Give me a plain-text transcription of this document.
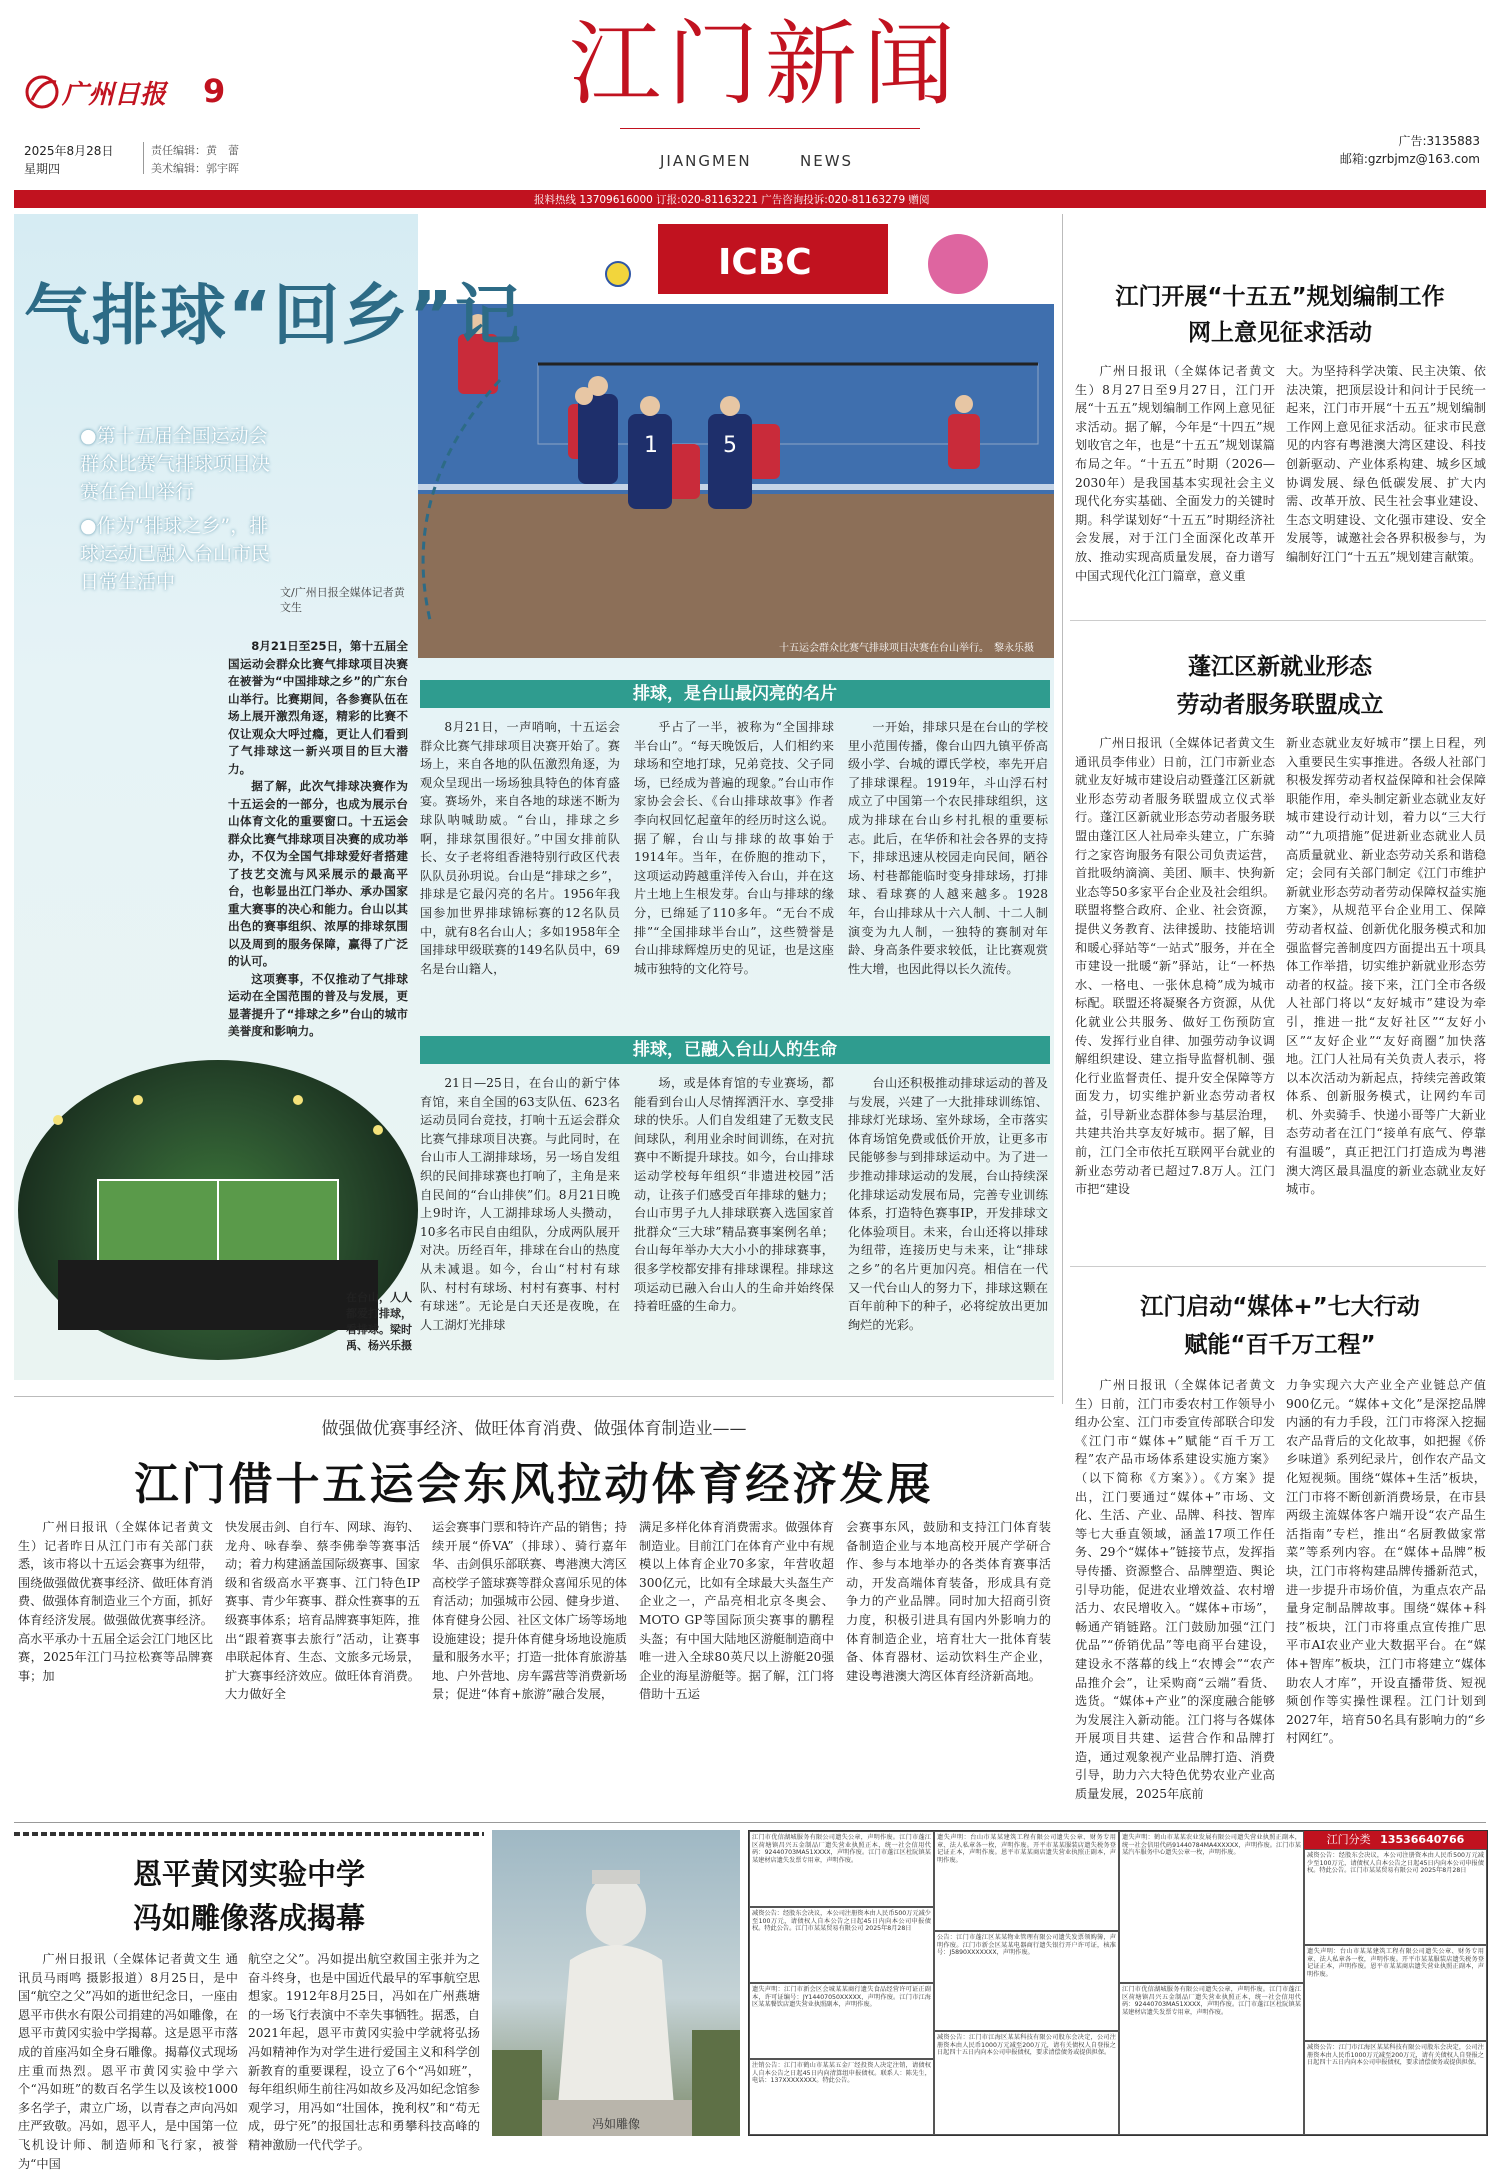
广州日报 9
2025年8月28日
星期四
责任编辑：黄　蕾
美术编辑：郭宇晖
江门新闻
JIANGMEN	NEWS
广告:3135883
邮箱:gzrbjmz@163.com
报料热线 13709616000 订报:020-81163221 广告咨询投诉:020-81163279 赠阅
ICBC
1	5
十五运会群众比赛气排球项目决赛在台山举行。　黎永乐摄
气排球“回乡”记
●第十五届全国运动会群众比赛气排球项目决赛在台山举行
●作为“排球之乡”，排球运动已融入台山市民日常生活中	文/广州日报全媒体记者黄文生

8月21日至25日，第十五届全国运动会群众比赛气排球项目决赛在被誉为“中国排球之乡”的广东台山举行。比赛期间，各参赛队伍在场上展开激烈角逐，精彩的比赛不仅让观众大呼过瘾，更让人们看到了气排球这一新兴项目的巨大潜力。

据了解，此次气排球决赛作为十五运会的一部分，也成为展示台山体育文化的重要窗口。十五运会群众比赛气排球项目决赛的成功举办，不仅为全国气排球爱好者搭建了技艺交流与风采展示的最高平台，也彰显出江门举办、承办国家重大赛事的决心和能力。台山以其出色的赛事组织、浓厚的排球氛围以及周到的服务保障，赢得了广泛的认可。

这项赛事，不仅推动了气排球运动在全国范围的普及与发展，更显著提升了“排球之乡”台山的城市美誉度和影响力。

在台山，人人都爱打排球，看排球。梁时禹、杨兴乐摄
排球，是台山最闪亮的名片

8月21日，一声哨响，十五运会群众比赛气排球项目决赛开始了。赛场上，来自各地的队伍激烈角逐，为观众呈现出一场场独具特色的体育盛宴。赛场外，来自各地的球迷不断为球队呐喊助威。“台山，排球之乡啊，排球氛围很好。”中国女排前队长、女子老将组香港特别行政区代表队队员孙玥说。台山是“排球之乡”，排球是它最闪亮的名片。1956年我国参加世界排球锦标赛的12名队员中，就有8名台山人；多如1958年全国排球甲级联赛的149名队员中，69名是台山籍人，

乎占了一半，被称为“全国排球半台山”。“每天晚饭后，人们相约来球场和空地打球，兄弟竞技、父子同场，已经成为普遍的现象。”台山市作家协会会长、《台山排球故事》作者李向权回忆起童年的经历时这么说。据了解，台山与排球的故事始于1914年。当年，在侨胞的推动下，这项运动跨越重洋传入台山，并在这片土地上生根发芽。台山与排球的缘分，已绵延了110多年。“无台不成排”“全国排球半台山”，这些赞誉是台山排球辉煌历史的见证，也是这座城市独特的文化符号。

一开始，排球只是在台山的学校里小范围传播，像台山四九镇平侨高级小学、台城的谭氏学校，率先开启了排球课程。1919年，斗山浮石村成立了中国第一个农民排球组织，这成为排球在台山乡村扎根的重要标志。此后，在华侨和社会各界的支持下，排球迅速从校园走向民间，陋谷场、村巷都能临时变身排球场，打排球、看球赛的人越来越多。1928年，台山排球从十六人制、十二人制演变为九人制，一独特的赛制对年龄、身高条件要求较低，让比赛观赏性大增，也因此得以长久流传。

排球，已融入台山人的生命

21日—25日，在台山的新宁体育馆，来自全国的63支队伍、623名运动员同台竞技，打响十五运会群众比赛气排球项目决赛。与此同时，在台山市人工湖排球场，另一场自发组织的民间排球赛也打响了，主角是来自民间的“台山排侠”们。8月21日晚上9时许，人工湖排球场人头攒动，10多名市民自由组队，分成两队展开对决。历经百年，排球在台山的热度从未减退。如今，台山“村村有球队、村村有球场、村村有赛事、村村有球迷”。无论是白天还是夜晚，在人工湖灯光排球

场，或是体育馆的专业赛场，都能看到台山人尽情挥洒汗水、享受排球的快乐。人们自发组建了无数支民间球队，利用业余时间训练，在对抗赛中不断提升球技。如今，台山排球运动学校每年组织“非遗进校园”活动，让孩子们感受百年排球的魅力；台山市男子九人排球联赛入选国家首批群众“三大球”精品赛事案例名单；台山每年举办大大小小的排球赛事，很多学校都安排有排球课程。排球这项运动已融入台山人的生命并始终保持着旺盛的生命力。

台山还积极推动排球运动的普及与发展，兴建了一大批排球训练馆、排球灯光球场、室外球场，全市落实体育场馆免费或低价开放，让更多市民能够参与到排球运动中。为了进一步推动排球运动的发展，台山持续深化排球运动发展布局，完善专业训练体系，打造特色赛事IP，开发排球文化体验项目。未来，台山还将以排球为纽带，连接历史与未来，让“排球之乡”的名片更加闪亮。相信在一代又一代台山人的努力下，排球这颗在百年前种下的种子，必将绽放出更加绚烂的光彩。

江门开展“十五五”规划编制工作
网上意见征求活动

广州日报讯（全媒体记者黄文生）8月27日至9月27日，江门开展“十五五”规划编制工作网上意见征求活动。据了解，今年是“十四五”规划收官之年，也是“十五五”规划谋篇布局之年。“十五五”时期（2026—2030年）是我国基本实现社会主义现代化夯实基础、全面发力的关键时期。科学谋划好“十五五”时期经济社会发展，对于江门全面深化改革开放、推动实现高质量发展，奋力谱写中国式现代化江门篇章，意义重

大。为坚持科学决策、民主决策、依法决策，把顶层设计和问计于民统一起来，江门市开展“十五五”规划编制工作网上意见征求活动。征求市民意见的内容有粤港澳大湾区建设、科技创新驱动、产业体系构建、城乡区域协调发展、绿色低碳发展、扩大内需、改革开放、民生社会事业建设、生态文明建设、文化强市建设、安全发展等，诚邀社会各界积极参与，为编制好江门“十五五”规划建言献策。

蓬江区新就业形态
劳动者服务联盟成立

广州日报讯（全媒体记者黄文生 通讯员李伟业）日前，江门市新业态就业友好城市建设启动暨蓬江区新就业形态劳动者服务联盟成立仪式举行。蓬江区新就业形态劳动者服务联盟由蓬江区人社局牵头建立，广东骑行之家咨询服务有限公司负责运营，首批吸纳滴滴、美团、顺丰、快狗新业态等50多家平台企业及社会组织。联盟将整合政府、企业、社会资源，提供义务教育、法律援助、技能培训和暖心驿站等“一站式”服务，并在全市建设一批暖“新”驿站，让“一杯热水、一格电、一张休息椅”成为城市标配。联盟还将凝聚各方资源，从优化就业公共服务、做好工伤预防宣传、发挥行业自律、加强劳动争议调解组织建设、建立指导监督机制、强化行业监督责任、提升安全保障等方面发力，切实维护新业态劳动者权益，引导新业态群体参与基层治理，共建共治共享友好城市。据了解，目前，江门全市依托互联网平台就业的新业态劳动者已超过7.8万人。江门市把“建设

新业态就业友好城市”摆上日程，列入重要民生实事推进。各级人社部门积极发挥劳动者权益保障和社会保障职能作用，牵头制定新业态就业友好城市建设行动计划，着力以“三大行动”“九项措施”促进新业态就业人员高质量就业、新业态劳动关系和谐稳定；会同有关部门制定《江门市维护新就业形态劳动者劳动保障权益实施方案》，从规范平台企业用工、保障劳动者权益、创新优化服务模式和加强监督完善制度四方面提出五十项具体工作举措，切实维护新就业形态劳动者的权益。接下来，江门全市各级人社部门将以“友好城市”建设为牵引，推进一批“友好社区”“友好小区”“友好企业”“友好商圈”加快落地。江门人社局有关负责人表示，将以本次活动为新起点，持续完善政策体系、创新服务模式，让网约车司机、外卖骑手、快递小哥等广大新业态劳动者在江门“接单有底气、停靠有温暖”，真正把江门打造成为粤港澳大湾区最具温度的新业态就业友好城市。

江门启动“媒体+”七大行动
赋能“百千万工程”

广州日报讯（全媒体记者黄文生）日前，江门市委农村工作领导小组办公室、江门市委宣传部联合印发《江门市“媒体+”赋能“百千万工程”农产品市场体系建设实施方案》（以下简称《方案》）。《方案》提出，江门要通过“媒体+”市场、文化、生活、产业、品牌、科技、智库等七大垂直领域，涵盖17项工作任务、29个“媒体+”链接节点，发挥指导传播、资源整合、品牌塑造、舆论引导功能，促进农业增效益、农村增活力、农民增收入。“媒体+市场”，畅通产销链路。江门鼓励加强“江门优品”“侨销优品”等电商平台建设，建设永不落幕的线上“农博会”“农产品推介会”，让采购商“云端”看货、选货。“媒体+产业”的深度融合能够为发展注入新动能。江门将与各媒体开展项目共建、运营合作和品牌打造，通过观象视产业品牌打造、消费引导，助力六大特色优势农业产业高质量发展，2025年底前

力争实现六大产业全产业链总产值900亿元。“媒体+文化”是深挖品牌内涵的有力手段，江门市将深入挖掘农产品背后的文化故事，如把握《侨乡味道》系列纪录片，创作农产品文化短视频。围绕“媒体+生活”板块，江门市将不断创新消费场景，在市县两级主流媒体客户端开设“农产品生活指南”专栏，推出“名厨教做家常菜”等系列内容。在“媒体+品牌”板块，江门市将构建品牌传播新范式，进一步提升市场价值，为重点农产品量身定制品牌故事。围绕“媒体+科技”板块，江门市将重点宣传推广思平市AI农业产业大数据平台。在“媒体+智库”板块，江门市将建立“媒体助农人才库”，开设直播带货、短视频创作等实操性课程。江门计划到2027年，培育50名具有影响力的“乡村网红”。

做强做优赛事经济、做旺体育消费、做强体育制造业——
江门借十五运会东风拉动体育经济发展

广州日报讯（全媒体记者黄文生）记者昨日从江门市有关部门获悉，该市将以十五运会赛事为纽带，围绕做强做优赛事经济、做旺体育消费、做强体育制造业三个方面，抓好体育经济发展。做强做优赛事经济。高水平承办十五届全运会江门地区比赛，2025年江门马拉松赛等品牌赛事；加

快发展击剑、自行车、网球、海钓、龙舟、咏春拳、蔡李佛拳等赛事活动；着力构建涵盖国际级赛事、国家级和省级高水平赛事、江门特色IP赛事、青少年赛事、群众性赛事的五级赛事体系；培育品牌赛事矩阵，推出“跟着赛事去旅行”活动，让赛事串联起体育、生态、文旅多元场景，扩大赛事经济效应。做旺体育消费。大力做好全

运会赛事门票和特许产品的销售；持续开展“侨VA”（排球）、骑行嘉年华、击剑俱乐部联赛、粤港澳大湾区高校学子篮球赛等群众喜闻乐见的体育活动；加强城市公园、健身步道、体育健身公园、社区文体广场等场地设施建设；提升体育健身场地设施质量和服务水平；打造一批体育旅游基地、户外营地、房车露营等消费新场景；促进“体育+旅游”融合发展，

满足多样化体育消费需求。做强体育制造业。目前江门在体育产业中有规模以上体育企业70多家，年营收超300亿元，比如有全球最大头盔生产企业之一，产品亮相北京冬奥会、MOTO GP等国际顶尖赛事的鹏程头盔；有中国大陆地区游艇制造商中唯一进入全球80英尺以上游艇20强企业的海星游艇等。据了解，江门将借助十五运

会赛事东风，鼓励和支持江门体育装备制造企业与本地高校开展产学研合作、参与本地举办的各类体育赛事活动，开发高端体育装备，形成具有竞争力的产业品牌。同时加大招商引资力度，积极引进具有国内外影响力的体育制造企业，培育壮大一批体育装备、体育器材、运动饮料生产企业，建设粤港澳大湾区体育经济新高地。

恩平黄冈实验中学
冯如雕像落成揭幕

广州日报讯（全媒体记者黄文生 通讯员马雨鸣 摄影报道）8月25日，是中国“航空之父”冯如的逝世纪念日，一座由恩平市供水有限公司捐建的冯如雕像，在恩平市黄冈实验中学揭幕。这是恩平市落成的首座冯如全身石雕像。揭幕仪式现场庄重而热烈。恩平市黄冈实验中学六个“冯如班”的数百名学生以及该校1000多名学子，肃立广场，以青春之声向冯如庄严致敬。冯如，恩平人，是中国第一位飞机设计师、制造师和飞行家，被誉为“中国

航空之父”。冯如提出航空救国主张并为之奋斗终身，也是中国近代最早的军事航空思想家。1912年8月25日，冯如在广州燕塘的一场飞行表演中不幸失事牺牲。据悉，自2021年起，恩平市黄冈实验中学就将弘扬冯如精神作为对学生进行爱国主义和科学创新教育的重要课程，设立了6个“冯如班”，每年组织师生前往冯如故乡及冯如纪念馆参观学习，用冯如“壮国体，挽利权”和“苟无成，毋宁死”的报国壮志和勇攀科技高峰的精神激励一代代学子。

冯如雕像
江门市优信湖城服务有限公司遗失公章，声明作废。江门市蓬江区荷塘镇昌兴五金制品厂遗失营业执照正本，统一社会信用代码：92440703MA51XXXX，声明作废。江门市蓬江区杜阮镇某某建材店遗失发票专用章，声明作废。
减资公告：经股东会决议，本公司注册资本由人民币500万元减少至100万元，请债权人自本公告之日起45日内向本公司申报债权。特此公告。江门市某某贸易有限公司 2025年8月28日
遗失声明：江门市新会区会城某某商行遗失食品经营许可证正副本，许可证编号：JY14407050XXXXX，声明作废。江门市江海区某某餐饮店遗失营业执照副本，声明作废。
注销公告：江门市鹤山市某某五金厂经投资人决定注销，请债权人自本公告之日起45日内向清算组申报债权。联系人：陈先生，电话：137XXXXXXXX。特此公告。
遗失声明：台山市某某建筑工程有限公司遗失公章、财务专用章、法人私章各一枚，声明作废。开平市某某服装店遗失税务登记证正本，声明作废。恩平市某某商店遗失营业执照正副本，声明作废。
公告：江门市蓬江区某某物业管理有限公司遗失发票领购簿，声明作废。江门市新会区某某电器商行遗失银行开户许可证，核准号：J5890XXXXXXX，声明作废。
减资公告：江门市江海区某某科技有限公司股东会决定，公司注册资本由人民币1000万元减至200万元，请有关债权人自登报之日起四十五日内向本公司申报债权，要求清偿债务或提供担保。
遗失声明：鹤山市某某农业发展有限公司遗失营业执照正副本，统一社会信用代码91440784MA4XXXXX，声明作废。江门市某某汽车服务中心遗失公章一枚，声明作废。
江门市优信湖城服务有限公司遗失公章，声明作废。江门市蓬江区荷塘镇昌兴五金制品厂遗失营业执照正本，统一社会信用代码：92440703MA51XXXX，声明作废。江门市蓬江区杜阮镇某某建材店遗失发票专用章，声明作废。
江门分类 13536640766
减资公告：经股东会决议，本公司注册资本由人民币500万元减少至100万元，请债权人自本公告之日起45日内向本公司申报债权。特此公告。江门市某某贸易有限公司 2025年8月28日
遗失声明：台山市某某建筑工程有限公司遗失公章、财务专用章、法人私章各一枚，声明作废。开平市某某服装店遗失税务登记证正本，声明作废。恩平市某某商店遗失营业执照正副本，声明作废。
减资公告：江门市江海区某某科技有限公司股东会决定，公司注册资本由人民币1000万元减至200万元，请有关债权人自登报之日起四十五日内向本公司申报债权，要求清偿债务或提供担保。
